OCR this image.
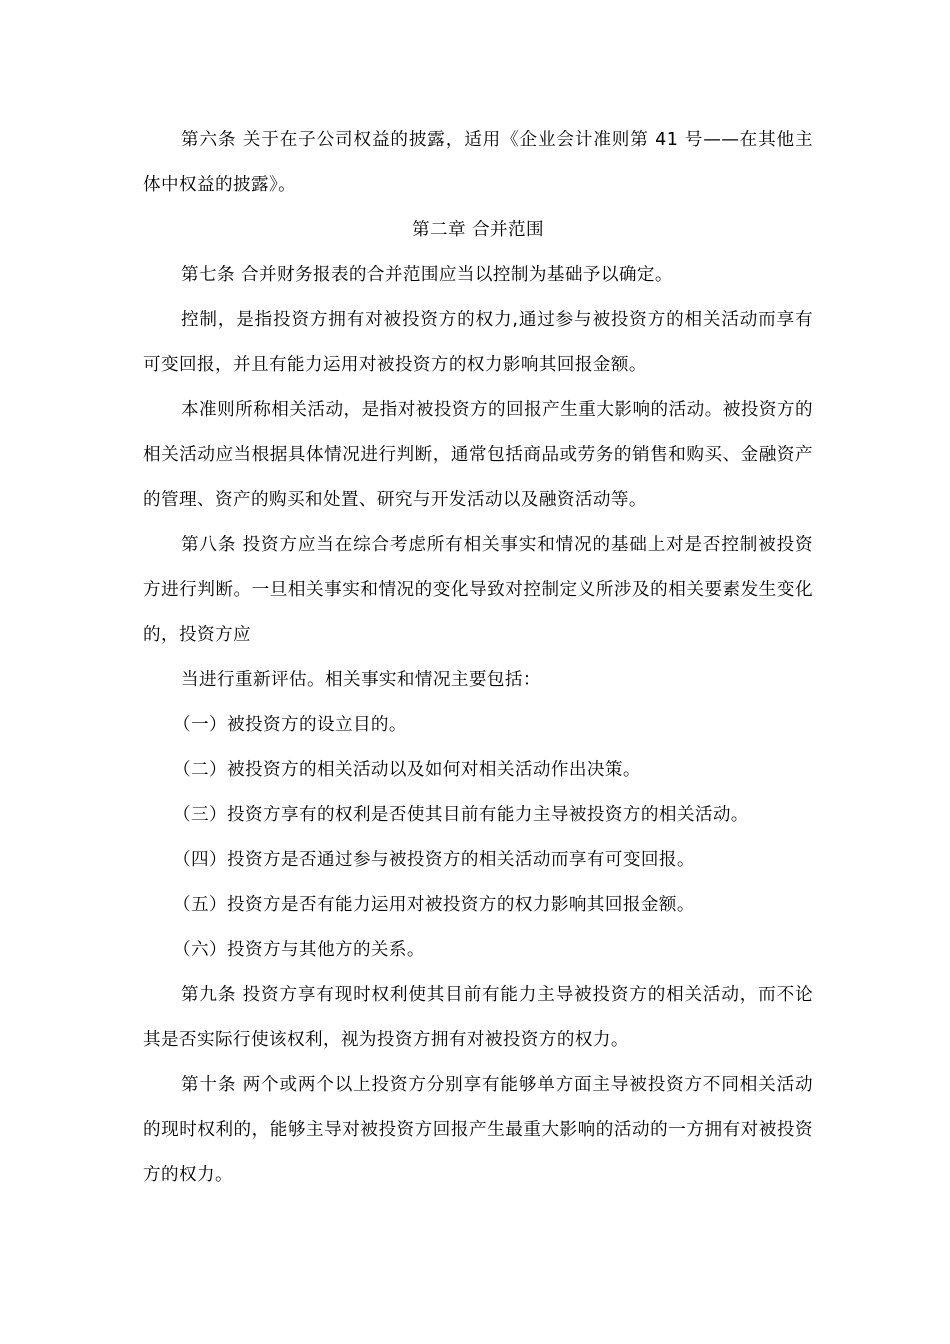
第六条 关于在子公司权益的披露，适用《企业会计准则第 41 号——在其他主体中权益的披露》。

第二章 合并范围

第七条 合并财务报表的合并范围应当以控制为基础予以确定。

控制，是指投资方拥有对被投资方的权力,通过参与被投资方的相关活动而享有可变回报，并且有能力运用对被投资方的权力影响其回报金额。

本准则所称相关活动，是指对被投资方的回报产生重大影响的活动。被投资方的相关活动应当根据具体情况进行判断，通常包括商品或劳务的销售和购买、金融资产的管理、资产的购买和处置、研究与开发活动以及融资活动等。

第八条 投资方应当在综合考虑所有相关事实和情况的基础上对是否控制被投资方进行判断。一旦相关事实和情况的变化导致对控制定义所涉及的相关要素发生变化的，投资方应

当进行重新评估。相关事实和情况主要包括：

（一）被投资方的设立目的。

（二）被投资方的相关活动以及如何对相关活动作出决策。

（三）投资方享有的权利是否使其目前有能力主导被投资方的相关活动。

（四）投资方是否通过参与被投资方的相关活动而享有可变回报。

（五）投资方是否有能力运用对被投资方的权力影响其回报金额。

（六）投资方与其他方的关系。

第九条 投资方享有现时权利使其目前有能力主导被投资方的相关活动，而不论其是否实际行使该权利，视为投资方拥有对被投资方的权力。

第十条 两个或两个以上投资方分别享有能够单方面主导被投资方不同相关活动的现时权利的，能够主导对被投资方回报产生最重大影响的活动的一方拥有对被投资方的权力。
